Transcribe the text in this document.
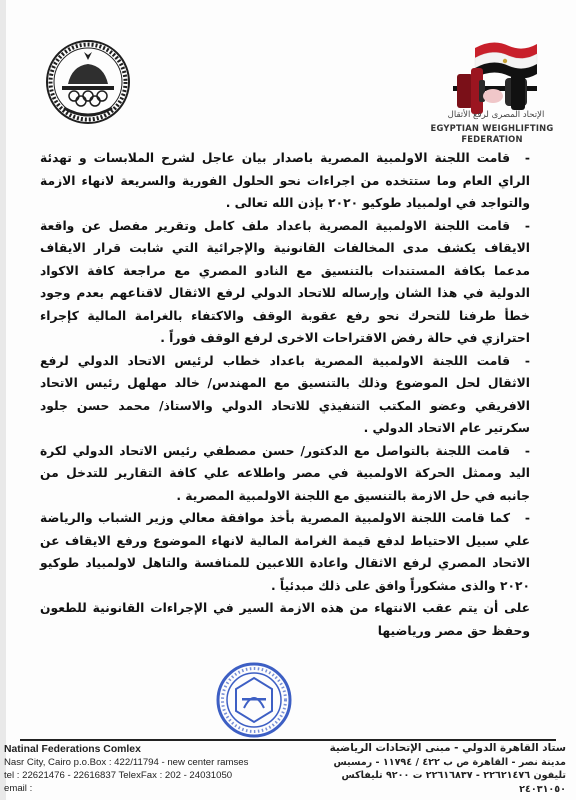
الإتحاد المصرى لرفع الأثقال
EGYPTIAN WEIGHLIFTING
FEDERATION

-قامت اللجنة الاولمبية المصرية باصدار بيان عاجل لشرح الملابسات و تهدئة الراي العام وما ستتخده من اجراءات نحو الحلول الفورية والسريعة لانهاء الازمة والتواجد في اولمبياد طوكيو ٢٠٢٠ بإذن الله تعالى .

-قامت اللجنة الاولمبية المصرية باعداد ملف كامل وتقرير مفصل عن واقعة الايقاف يكشف مدى المخالفات القانونية والإجرائية التي شابت قرار الايقاف مدعما بكافة المستندات بالتنسيق مع النادو المصري مع مراجعة كافة الاكواد الدولية في هذا الشان وإرساله للاتحاد الدولي لرفع الاثقال لاقناعهم بعدم وجود خطأ طرفنا للتحرك نحو رفع عقوبة الوقف والاكتفاء بالغرامة المالية كإجراء احترازي في حالة رفض الاقتراحات الاخرى لرفع الوقف فوراً .

-قامت اللجنة الاولمبية المصرية باعداد خطاب لرئيس الاتحاد الدولي لرفع الاثقال لحل الموضوع وذلك بالتنسيق مع المهندس/ خالد مهلهل رئيس الاتحاد الافريقي وعضو المكتب التنفيذي للاتحاد الدولي والاستاذ/ محمد حسن جلود سكرتير عام الاتحاد الدولي .

-قامت اللجنة بالتواصل مع الدكتور/ حسن مصطفي رئيس الاتحاد الدولي لكرة اليد وممثل الحركة الاولمبية في مصر واطلاعه علي كافة التقارير للتدخل من جانبه في حل الازمة بالتنسيق مع اللجنة الاولمبية المصرية .

-كما قامت اللجنة الاولمبية المصرية بأخذ موافقة معالي وزير الشباب والرياضة علي سبيل الاحتياط لدفع قيمة الغرامة المالية لانهاء الموضوع ورفع الايقاف عن الاتحاد المصري لرفع الاثقال واعادة اللاعبين للمنافسة والتاهل لاولمبياد طوكيو ٢٠٢٠ والذى مشكوراً وافق على ذلك مبدئياً .

على أن يتم عقب الانتهاء من هذه الازمة السير في الإجراءات القانونية للطعون وحفظ حق مصر ورياضيها

Natinal Federations Comlex
Nasr City, Cairo p.o.Box : 422/11794 - new center ramses
tel : 22621476 - 22616837 TelexFax : 202 - 24031050
email :
ستاد القاهرة الدولي - مبنى الإتحادات الرياضية
مدينة نصر - القاهرة ص ب ٤٢٢ / ١١٧٩٤ - رمسيس
تليفون ٢٢٦٢١٤٧٦ - ٢٢٦١٦٨٣٧ ت ٩٢٠٠ تليفاكس ٢٤٠٣١٠٥٠
